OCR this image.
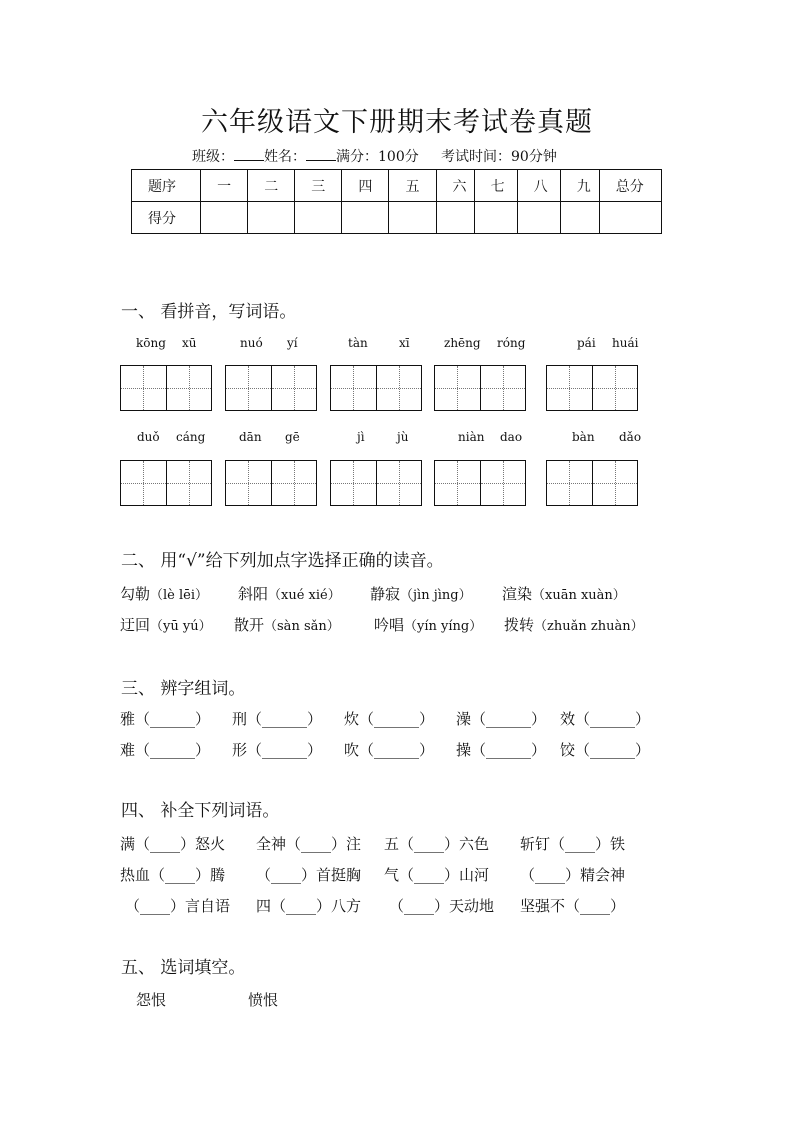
六年级语文下册期末考试卷真题
班级： 姓名： 满分：100分 考试时间：90分钟
题序	一	二	三	四	五	六	七	八	九	总分
得分										
一、 看拼音，写词语。
kōng xū	nuó yí	tàn	xī	zhēng róng	pái huái
duǒ cáng	dān gē	jì	jù	niàn dao	bàn dǎo
二、 用“√”给下列加点字选择正确的读音。
勾勒（lè lēi） 斜阳（xué xié） 静寂（jìn jìng） 渲染（xuān xuàn）
迂回（yū yú） 散开（sàn sǎn） 吟唱（yín yíng） 拨转（zhuǎn zhuàn）
三、 辨字组词。
雅（______） 刑（______） 炊（______） 澡（______） 效（______）
难（______） 形（______） 吹（______） 操（______） 饺（______）
四、 补全下列词语。
满（____）怒火 全神（____）注 五（____）六色 斩钉（____）铁
热血（____）腾 （____）首挺胸 气（____）山河 （____）精会神
（____）言自语 四（____）八方 （____）天动地 坚强不（____）
五、 选词填空。
怨恨	愤恨
